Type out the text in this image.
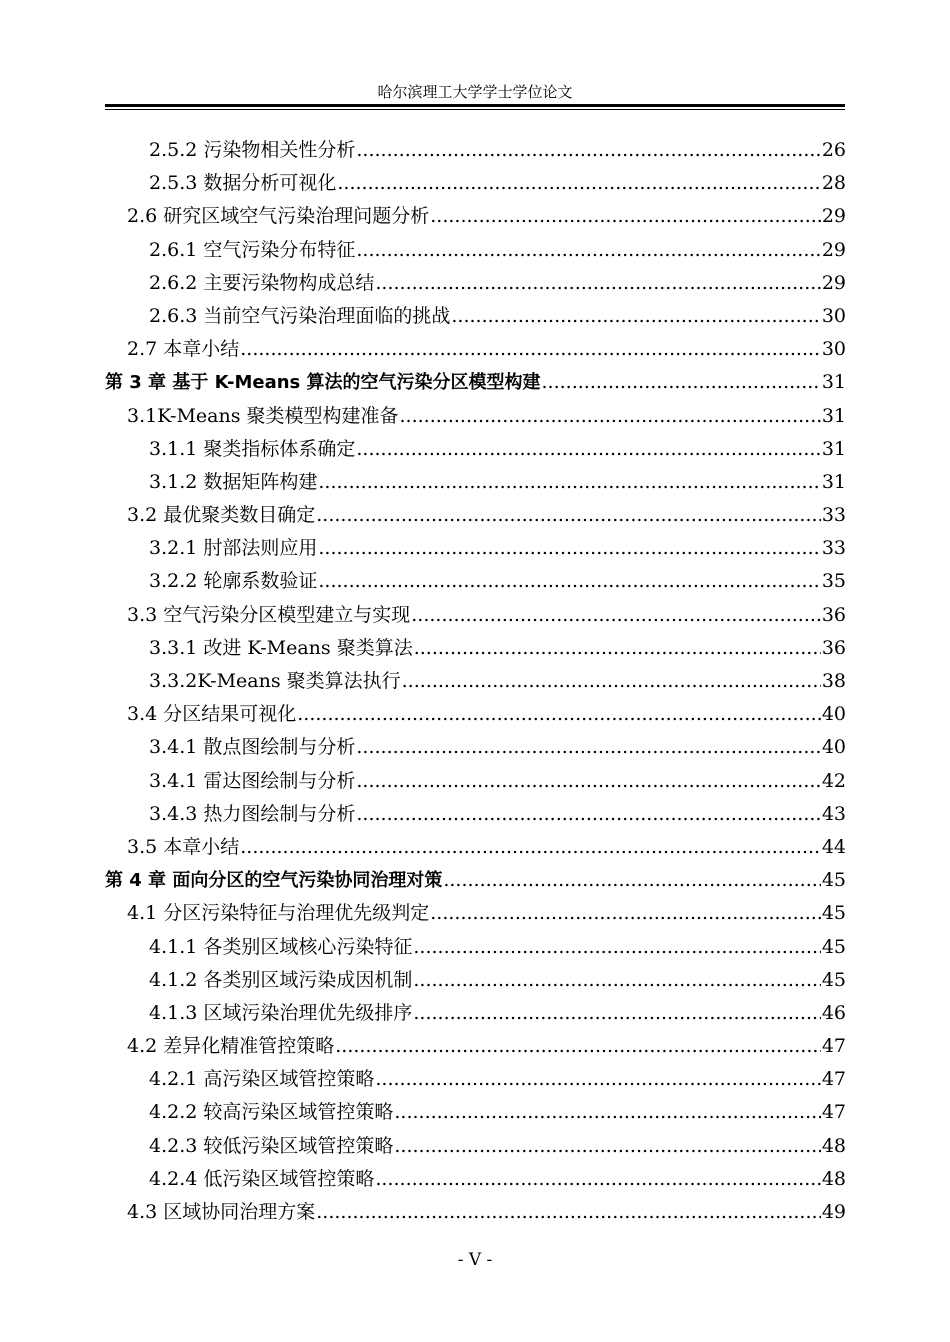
哈尔滨理工大学学士学位论文
2.5.2 污染物相关性分析 .....	26
2.5.3 数据分析可视化 .....	28
2.6 研究区域空气污染治理问题分析 .....	29
2.6.1 空气污染分布特征 .....	29
2.6.2 主要污染物构成总结 .....	29
2.6.3 当前空气污染治理面临的挑战 .....	30
2.7 本章小结 .....	30
第 3 章 基于 K-Means 算法的空气污染分区模型构建 .....	31
3.1K-Means 聚类模型构建准备 .....	31
3.1.1 聚类指标体系确定 .....	31
3.1.2 数据矩阵构建 .....	31
3.2 最优聚类数目确定 .....	33
3.2.1 肘部法则应用 .....	33
3.2.2 轮廓系数验证 .....	35
3.3 空气污染分区模型建立与实现 .....	36
3.3.1 改进 K-Means 聚类算法 .....	36
3.3.2K-Means 聚类算法执行 .....	38
3.4 分区结果可视化 .....	40
3.4.1 散点图绘制与分析 .....	40
3.4.1 雷达图绘制与分析 .....	42
3.4.3 热力图绘制与分析 .....	43
3.5 本章小结 .....	44
第 4 章 面向分区的空气污染协同治理对策 .....	45
4.1 分区污染特征与治理优先级判定 .....	45
4.1.1 各类别区域核心污染特征 .....	45
4.1.2 各类别区域污染成因机制 .....	45
4.1.3 区域污染治理优先级排序 .....	46
4.2 差异化精准管控策略 .....	47
4.2.1 高污染区域管控策略 .....	47
4.2.2 较高污染区域管控策略 .....	47
4.2.3 较低污染区域管控策略 .....	48
4.2.4 低污染区域管控策略 .....	48
4.3 区域协同治理方案 .....	49
- V -
